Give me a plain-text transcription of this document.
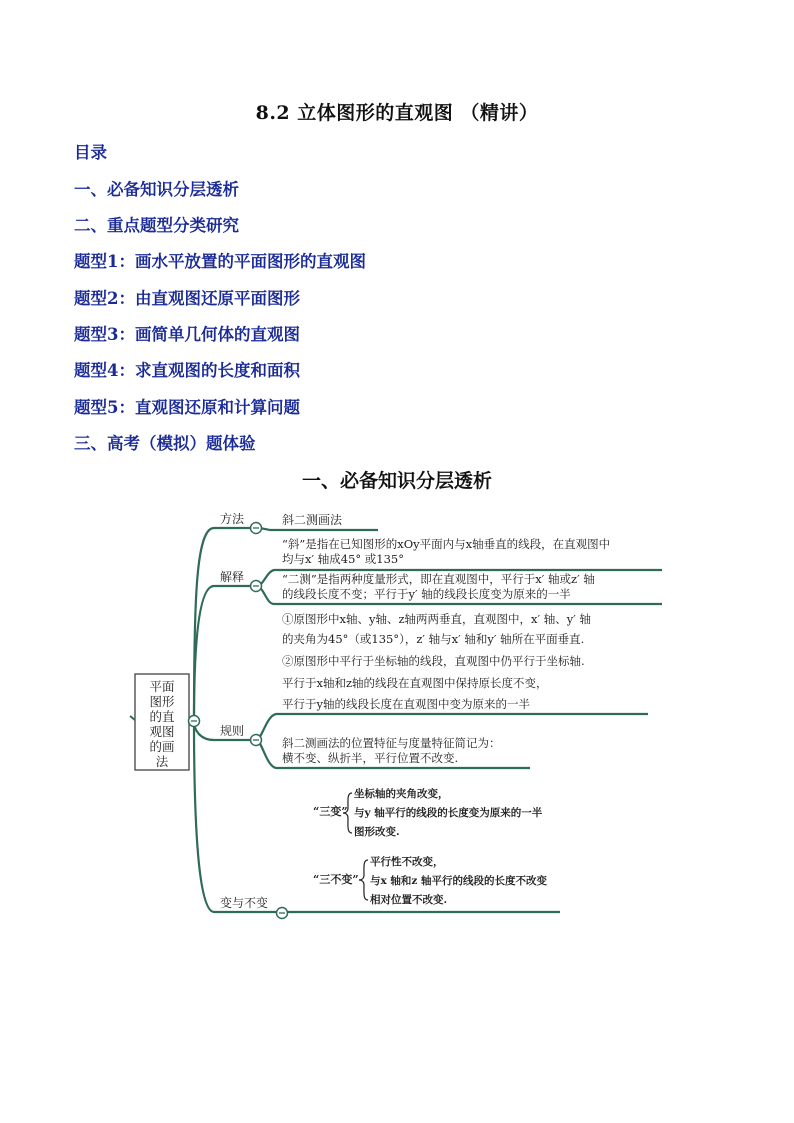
8.2 立体图形的直观图 （精讲）
目录
一、必备知识分层透析
二、重点题型分类研究
题型1：画水平放置的平面图形的直观图
题型2：由直观图还原平面图形
题型3：画简单几何体的直观图
题型4：求直观图的长度和面积
题型5：直观图还原和计算问题
三、高考（模拟）题体验
一、必备知识分层透析
平面
图形
的直
观图
的画
法
方法
解释
规则
变与不变
斜二测画法
“斜”是指在已知图形的xOy平面内与x轴垂直的线段，在直观图中
均与x′ 轴成45° 或135°
“二测”是指两种度量形式，即在直观图中，平行于x′ 轴或z′ 轴
的线段长度不变；平行于y′ 轴的线段长度变为原来的一半
①原图形中x轴、y轴、z轴两两垂直，直观图中，x′ 轴、y′ 轴
的夹角为45°（或135°），z′ 轴与x′ 轴和y′ 轴所在平面垂直.
②原图形中平行于坐标轴的线段，直观图中仍平行于坐标轴.
平行于x轴和z轴的线段在直观图中保持原长度不变，
平行于y轴的线段长度在直观图中变为原来的一半
斜二测画法的位置特征与度量特征简记为：
横不变、纵折半，平行位置不改变.
“三变”
坐标轴的夹角改变，
与y 轴平行的线段的长度变为原来的一半
图形改变.
“三不变”
平行性不改变，
与x 轴和z 轴平行的线段的长度不改变
相对位置不改变.
